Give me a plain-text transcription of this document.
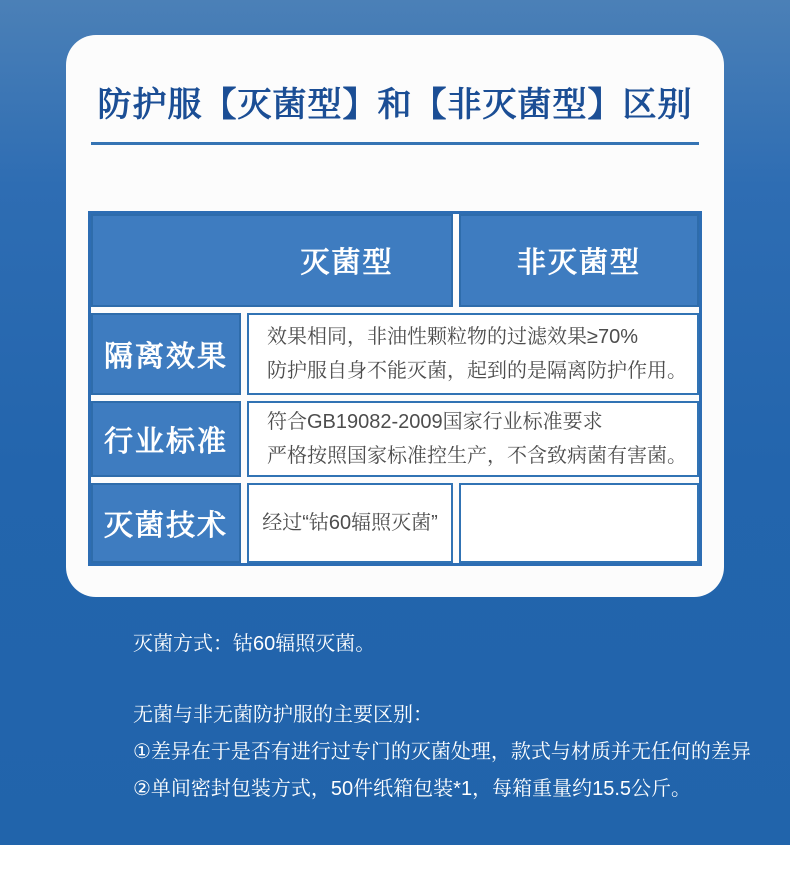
防护服【灭菌型】和【非灭菌型】区别
灭菌型	非灭菌型
隔离效果
效果相同，非油性颗粒物的过滤效果≥70%
防护服自身不能灭菌，起到的是隔离防护作用。
行业标准
符合GB19082-2009国家行业标准要求
严格按照国家标准控生产，不含致病菌有害菌。
灭菌技术 经过“钴60辐照灭菌”
灭菌方式：钴60辐照灭菌。
无菌与非无菌防护服的主要区别：
①差异在于是否有进行过专门的灭菌处理，款式与材质并无任何的差异
②单间密封包装方式，50件纸箱包装*1，每箱重量约15.5公斤。
